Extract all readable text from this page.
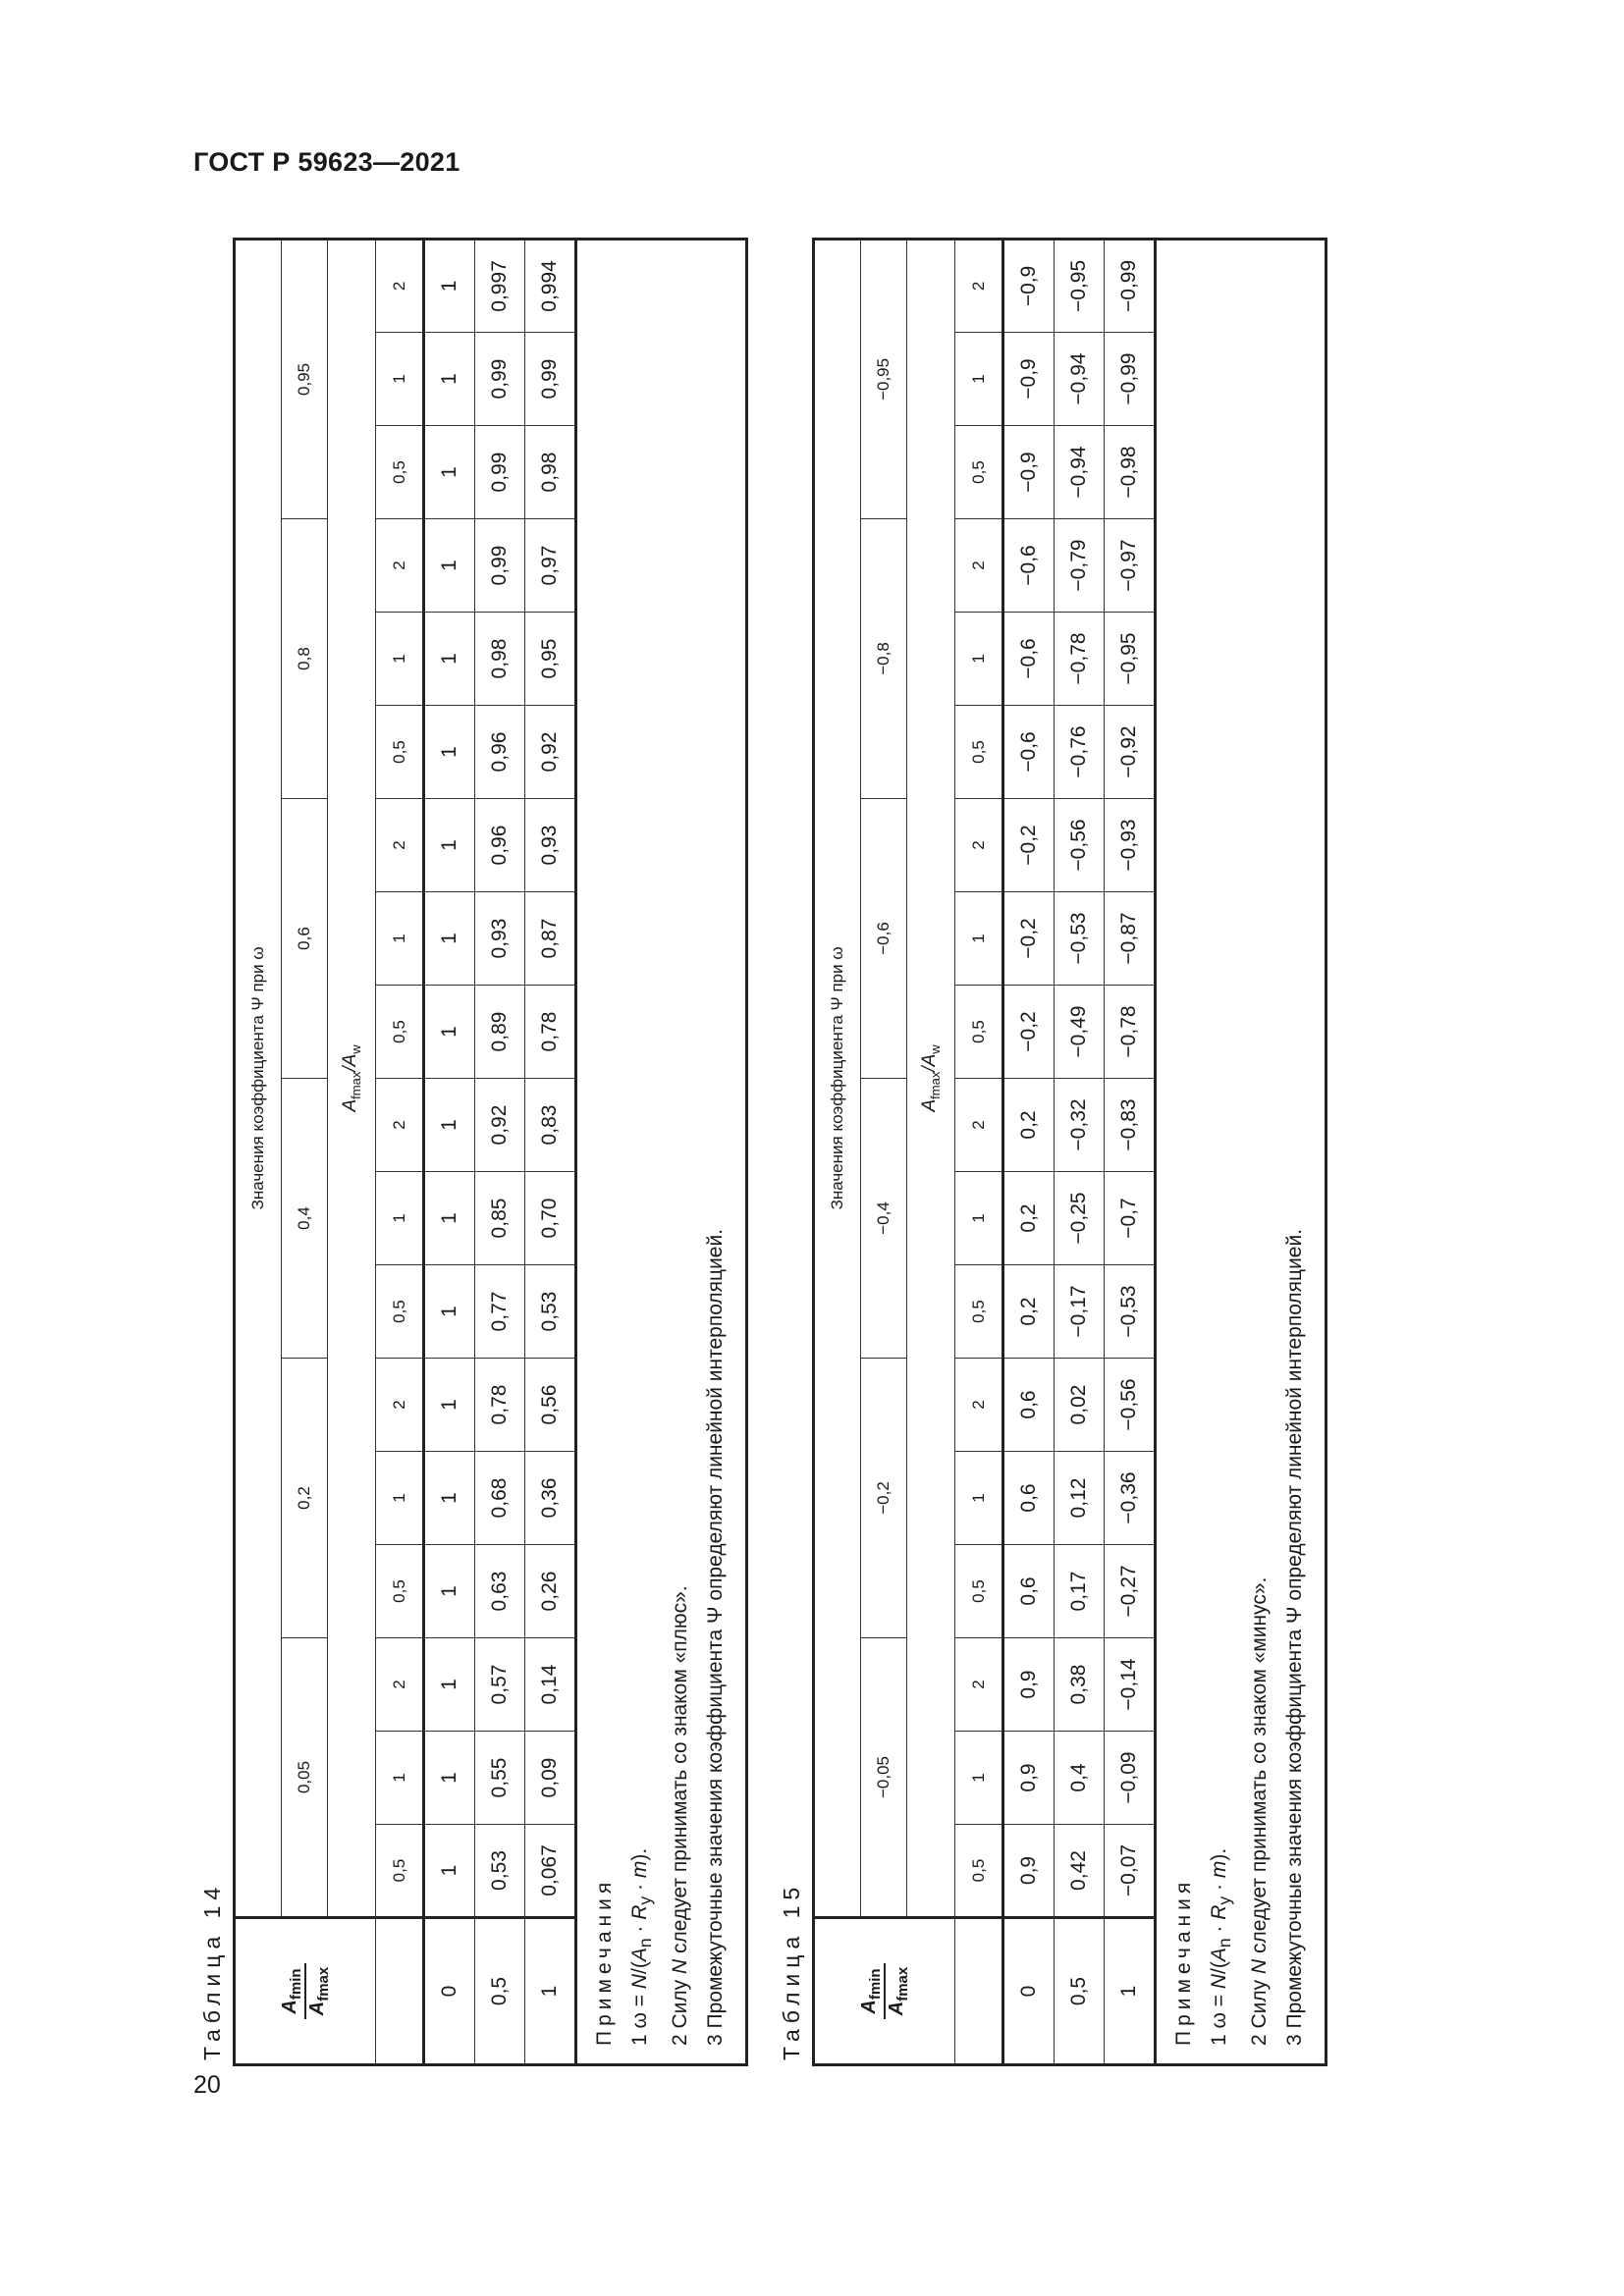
ГОСТ Р 59623—2021
Таблица 14	$A_{fmin}$
$A_{fmax}$	Значения коэффициента Ψ при ω																	
	0,05			0,2			0,4			0,6			0,8			0,95		
	$A_{fmax}/A_w$
	0,5	1	2	0,5	1	2	0,5	1	2	0,5	1	2	0,5	1	2	0,5	1	2
0	1	1	1	1	1	1	1	1	1	1	1	1	1	1	1	1	1	1
0,5	0,53	0,55	0,57	0,63	0,68	0,78	0,77	0,85	0,92	0,89	0,93	0,96	0,96	0,98	0,99	0,99	0,99	0,997
1	0,067	0,09	0,14	0,26	0,36	0,56	0,53	0,70	0,83	0,78	0,87	0,93	0,92	0,95	0,97	0,98	0,99	0,994

Примечания 1 $\omega = N/(A_n \cdot R_y \cdot m)$.
2 Силу N следует принимать со знаком «плюс». 3 Промежуточные значения коэффициента Ψ определяют линейной интерполяцией.																			Таблица 15	$A_{fmin}$
$A_{fmax}$	Значения коэффициента Ψ при ω																	
	−0,05			−0,2			−0,4			−0,6			−0,8			−0,95		
	$A_{fmax}/A_w$
	0,5	1	2	0,5	1	2	0,5	1	2	0,5	1	2	0,5	1	2	0,5	1	2
0	0,9	0,9	0,9	0,6	0,6	0,6	0,2	0,2	0,2	−0,2	−0,2	−0,2	−0,6	−0,6	−0,6	−0,9	−0,9	−0,9
0,5	0,42	0,4	0,38	0,17	0,12	0,02	−0,17	−0,25	−0,32	−0,49	−0,53	−0,56	−0,76	−0,78	−0,79	−0,94	−0,94	−0,95
1	−0,07	−0,09	−0,14	−0,27	−0,36	−0,56	−0,53	−0,7	−0,83	−0,78	−0,87	−0,93	−0,92	−0,95	−0,97	−0,98	−0,99	−0,99

Примечания 1 $\omega = N/(A_n \cdot R_y \cdot m)$.
2 Силу N следует принимать со знаком «минус». 3 Промежуточные значения коэффициента Ψ определяют линейной интерполяцией.																		
20
